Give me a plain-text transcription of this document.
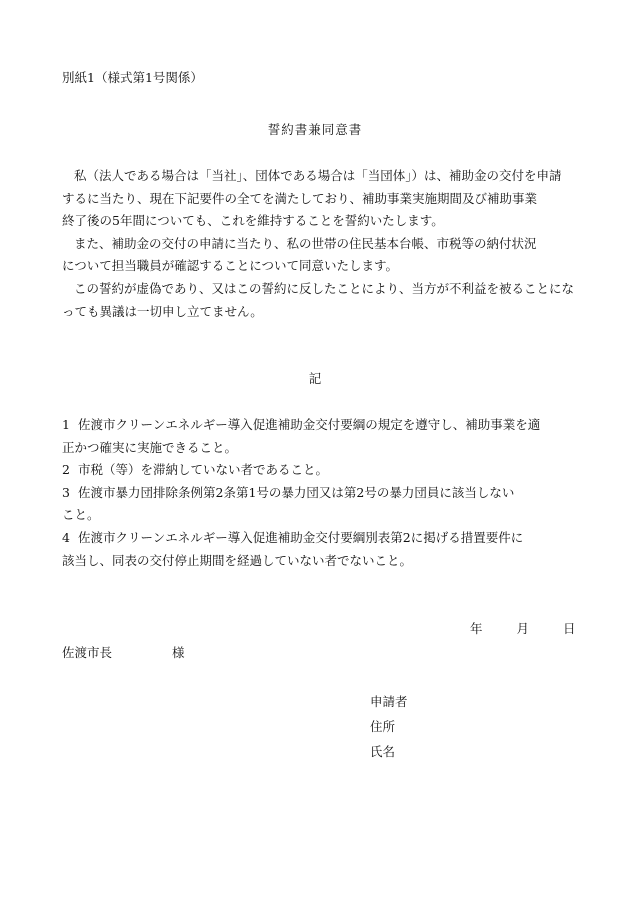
別紙1（様式第1号関係）
誓約書兼同意書

私（法人である場合は「当社」、団体である場合は「当団体」）は、補助金の交付を申請

するに当たり、現在下記要件の全てを満たしており、補助事業実施期間及び補助事業

終了後の5年間についても、これを維持することを誓約いたします。

また、補助金の交付の申請に当たり、私の世帯の住民基本台帳、市税等の納付状況

について担当職員が確認することについて同意いたします。

この誓約が虚偽であり、又はこの誓約に反したことにより、当方が不利益を被ることにな

っても異議は一切申し立てません。

記

1 佐渡市クリーンエネルギー導入促進補助金交付要綱の規定を遵守し、補助事業を適

正かつ確実に実施できること。

2 市税（等）を滞納していない者であること。

3 佐渡市暴力団排除条例第2条第1号の暴力団又は第2号の暴力団員に該当しない

こと。

4 佐渡市クリーンエネルギー導入促進補助金交付要綱別表第2に掲げる措置要件に

該当し、同表の交付停止期間を経過していない者でないこと。

年	月	日
佐渡市長	様
申請者
住所
氏名
